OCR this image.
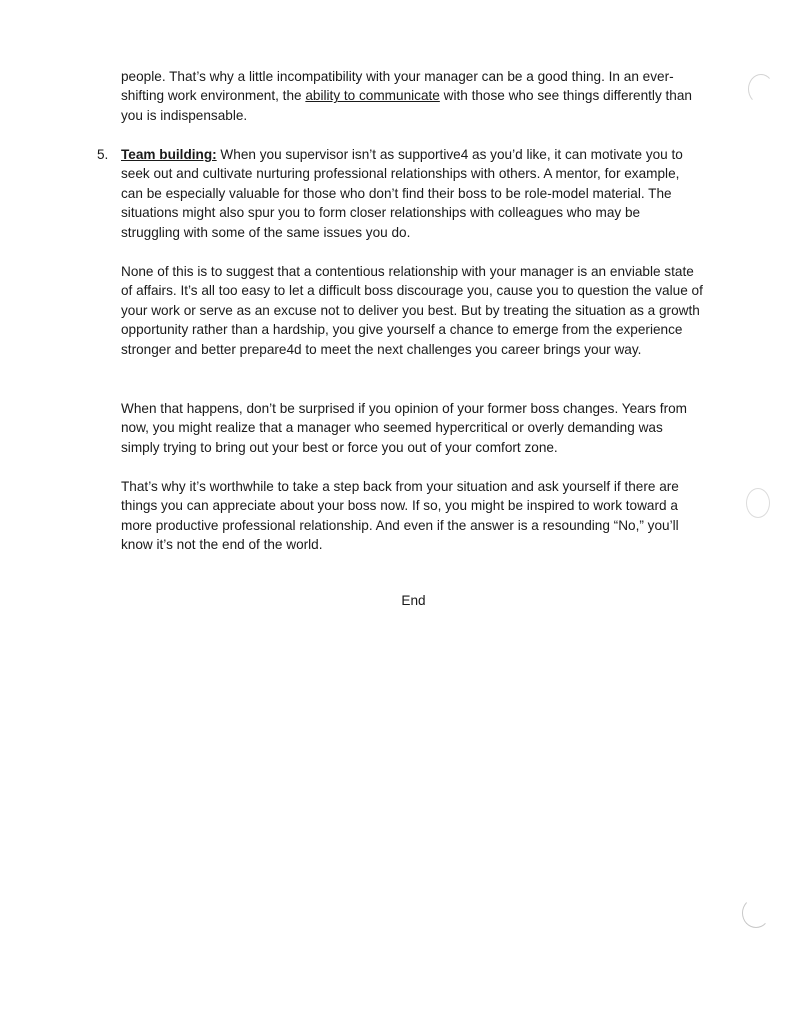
people. That’s why a little incompatibility with your manager can be a good thing. In an ever-shifting work environment, the ability to communicate with those who see things differently than you is indispensable.

5. Team building: When you supervisor isn’t as supportive4 as you’d like, it can motivate you to seek out and cultivate nurturing professional relationships with others. A mentor, for example, can be especially valuable for those who don’t find their boss to be role-model material. The situations might also spur you to form closer relationships with colleagues who may be struggling with some of the same issues you do.

None of this is to suggest that a contentious relationship with your manager is an enviable state of affairs. It’s all too easy to let a difficult boss discourage you, cause you to question the value of your work or serve as an excuse not to deliver you best. But by treating the situation as a growth opportunity rather than a hardship, you give yourself a chance to emerge from the experience stronger and better prepare4d to meet the next challenges you career brings your way.

When that happens, don’t be surprised if you opinion of your former boss changes. Years from now, you might realize that a manager who seemed hypercritical or overly demanding was simply trying to bring out your best or force you out of your comfort zone.

That’s why it’s worthwhile to take a step back from your situation and ask yourself if there are things you can appreciate about your boss now. If so, you might be inspired to work toward a more productive professional relationship. And even if the answer is a resounding “No,” you’ll know it’s not the end of the world.

End
